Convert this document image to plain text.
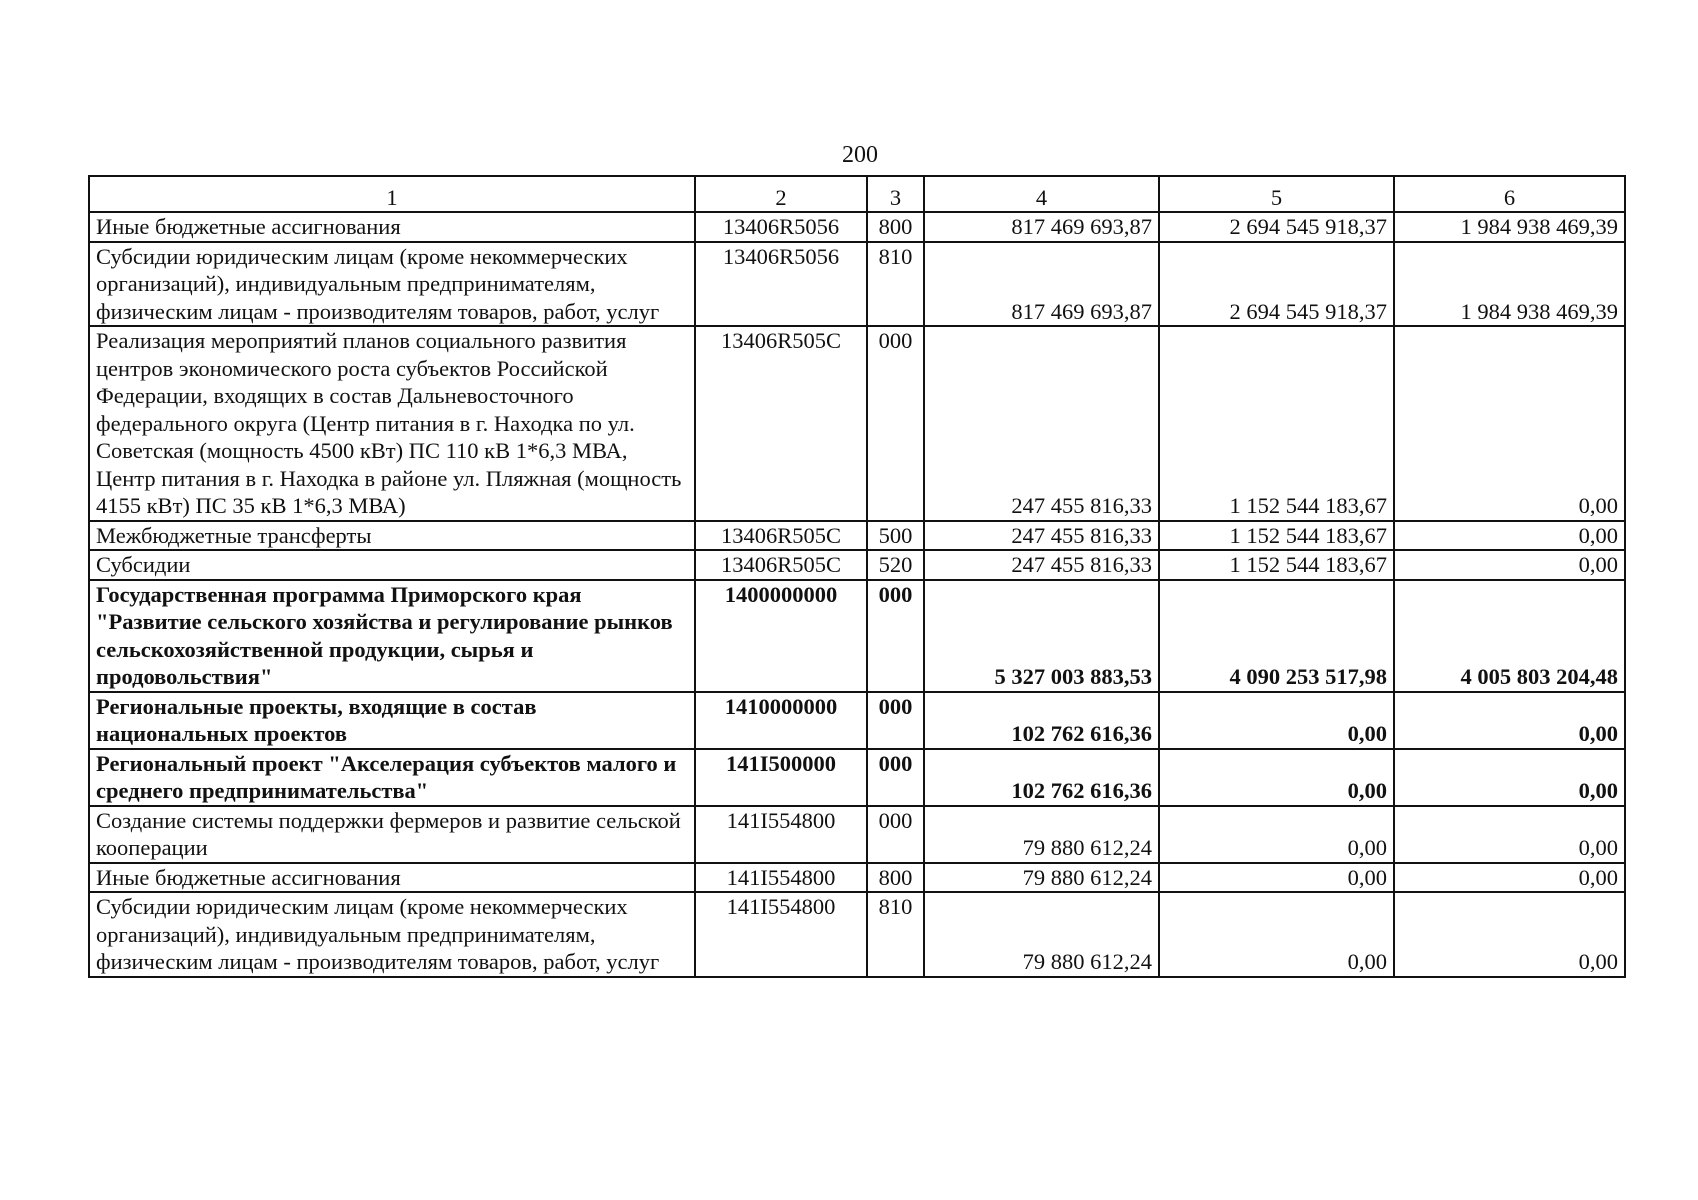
200
1	2	3	4	5	6
Иные бюджетные ассигнования	13406R5056	800	817 469 693,87	2 694 545 918,37	1 984 938 469,39
Субсидии юридическим лицам (кроме некоммерческих организаций), индивидуальным предпринимателям, физическим лицам - производителям товаров, работ, услуг	13406R5056	810	817 469 693,87	2 694 545 918,37	1 984 938 469,39
Реализация мероприятий планов социального развития центров экономического роста субъектов Российской Федерации, входящих в состав Дальневосточного федерального округа (Центр питания в г. Находка по ул. Советская (мощность 4500 кВт) ПС 110 кВ 1*6,3 МВА, Центр питания в г. Находка в районе ул. Пляжная (мощность 4155 кВт) ПС 35 кВ 1*6,3 МВА)	13406R505C	000	247 455 816,33	1 152 544 183,67	0,00
Межбюджетные трансферты	13406R505C	500	247 455 816,33	1 152 544 183,67	0,00
Субсидии	13406R505C	520	247 455 816,33	1 152 544 183,67	0,00
Государственная программа Приморского края "Развитие сельского хозяйства и регулирование рынков сельскохозяйственной продукции, сырья и продовольствия"	1400000000	000	5 327 003 883,53	4 090 253 517,98	4 005 803 204,48
Региональные проекты, входящие в состав национальных проектов	1410000000	000	102 762 616,36	0,00	0,00
Региональный проект "Акселерация субъектов малого и среднего предпринимательства"	141I500000	000	102 762 616,36	0,00	0,00
Создание системы поддержки фермеров и развитие сельской кооперации	141I554800	000	79 880 612,24	0,00	0,00
Иные бюджетные ассигнования	141I554800	800	79 880 612,24	0,00	0,00
Субсидии юридическим лицам (кроме некоммерческих организаций), индивидуальным предпринимателям, физическим лицам - производителям товаров, работ, услуг	141I554800	810	79 880 612,24	0,00	0,00
